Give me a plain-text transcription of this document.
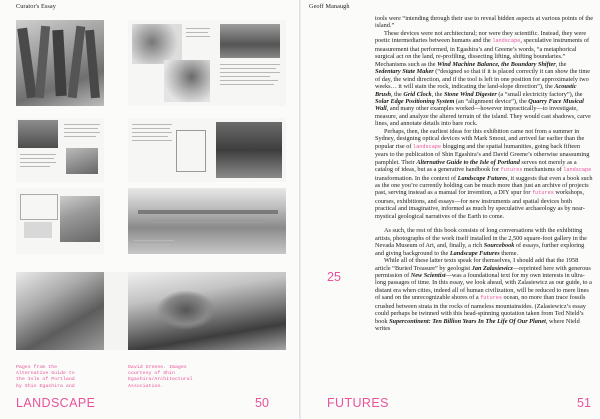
Curator's Essay
Pages from the Alternative Guide to the Isle of Portland by Shin Egashira and
David Greene. Images courtesy of Shin Egashira/Architectural Association.
LANDSCAPE	50
Geoff Manaugh

tools were “intending through their use to reveal hidden aspects at various points of the island.”

These devices were not architectural; nor were they scientific. Instead, they were poetic intermediaries between humans and the landscape, speculative instruments of measurement that performed, in Egashira’s and Greene’s words, “a metaphorical surgical act on the land, re-profiling, dissecting lifting, shifting boundaries.” Mechanisms such as the Wind Machine Balance, the Boundary Shifter, the Sedentary State Maker (“designed so that if it is placed correctly it can show the time of day, the wind direction, and if the tool is left in one position for approximately two weeks… it will stain the rock, indicating the land-slope direction”), the Acoustic Brush, the Grid Clock, the Stone Wind Digester (a “small electricity factory”), the Solar Edge Positioning System (an “alignment device”), the Quarry Face Musical Wall, and many other examples worked—however impractically—to investigate, measure, and analyze the altered terrain of the island. They would cast shadows, carve lines, and annotate details into bare rock.

Perhaps, then, the earliest ideas for this exhibition came not from a summer in Sydney, designing optical devices with Mark Smout, and arrived far earlier than the popular rise of landscape blogging and the spatial humanities, going back fifteen years to the publication of Shin Egashira’s and David Greene’s otherwise unassuming pamphlet. Their Alternative Guide to the Isle of Portland serves not merely as a catalog of ideas, but as a generative handbook for futures mechanisms of landscape transformation. In the context of Landscape Futures, it suggests that even a book such as the one you’re currently holding can be much more than just an archive of projects past, serving instead as a manual for invention, a DIY spur for futures workshops, courses, exhibitions, and essays—for new instruments and spatial devices both practical and imaginative, informed as much by speculative archaeology as by near-mystical geological narratives of the Earth to come.

As such, the rest of this book consists of long conversations with the exhibiting artists, photographs of the work itself installed in the 2,500 square-foot gallery in the Nevada Museum of Art, and, finally, a rich Sourcebook of essays, further exploring and giving background to the Landscape Futures theme.

While all of these latter texts speak for themselves, I should add that the 1958 article “Buried Treasure” by geologist Jan Zalasiewicz—reprinted here with generous permission of New Scientist—was a foundational text for my own interests in ultra-long passages of time. In this essay, we look ahead, with Zalasiewicz as our guide, to a distant era when cities, indeed all of human civilization, will be reduced to mere lines of sand on the unrecognizable shores of a futures ocean, no more than trace fossils crushed between strata in the rocks of nameless mountainsides. (Zalasiewicz’s essay could perhaps be twinned with this head-spinning quotation taken from Ted Nield’s book Supercontinent: Ten Billion Years In The Life Of Our Planet, where Nield writes

25
FUTURES	51
